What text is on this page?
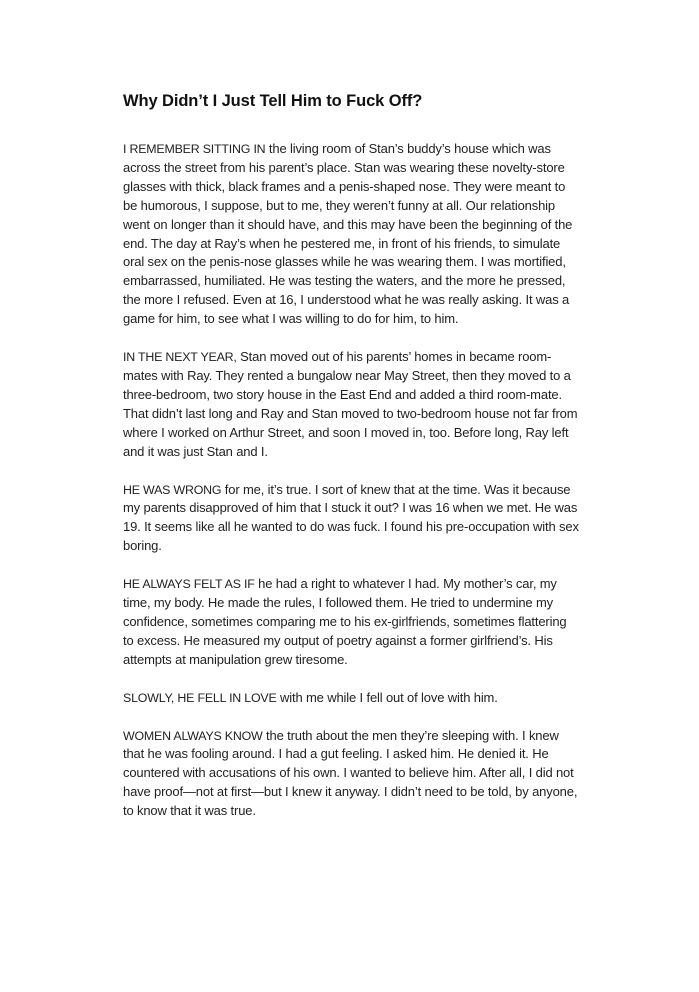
Why Didn’t I Just Tell Him to Fuck Off?

I REMEMBER SITTING IN the living room of Stan’s buddy’s house which was across the street from his parent’s place. Stan was wearing these novelty-store glasses with thick, black frames and a penis-shaped nose. They were meant to be humorous, I suppose, but to me, they weren’t funny at all. Our relationship went on longer than it should have, and this may have been the beginning of the end. The day at Ray’s when he pestered me, in front of his friends, to simulate oral sex on the penis-nose glasses while he was wearing them. I was mortified, embarrassed, humiliated. He was testing the waters, and the more he pressed, the more I refused. Even at 16, I understood what he was really asking. It was a game for him, to see what I was willing to do for him, to him.

IN THE NEXT YEAR, Stan moved out of his parents’ homes in became room-mates with Ray. They rented a bungalow near May Street, then they moved to a three-bedroom, two story house in the East End and added a third room-mate. That didn’t last long and Ray and Stan moved to two-bedroom house not far from where I worked on Arthur Street, and soon I moved in, too. Before long, Ray left and it was just Stan and I.

HE WAS WRONG for me, it’s true. I sort of knew that at the time. Was it because my parents disapproved of him that I stuck it out? I was 16 when we met. He was 19. It seems like all he wanted to do was fuck. I found his pre-occupation with sex boring.

HE ALWAYS FELT AS IF he had a right to whatever I had. My mother’s car, my time, my body. He made the rules, I followed them. He tried to undermine my confidence, sometimes comparing me to his ex-girlfriends, sometimes flattering to excess. He measured my output of poetry against a former girlfriend’s. His attempts at manipulation grew tiresome.

SLOWLY, HE FELL IN LOVE with me while I fell out of love with him.

WOMEN ALWAYS KNOW the truth about the men they’re sleeping with. I knew that he was fooling around. I had a gut feeling. I asked him. He denied it. He countered with accusations of his own. I wanted to believe him. After all, I did not have proof—not at first—but I knew it anyway. I didn’t need to be told, by anyone, to know that it was true.
